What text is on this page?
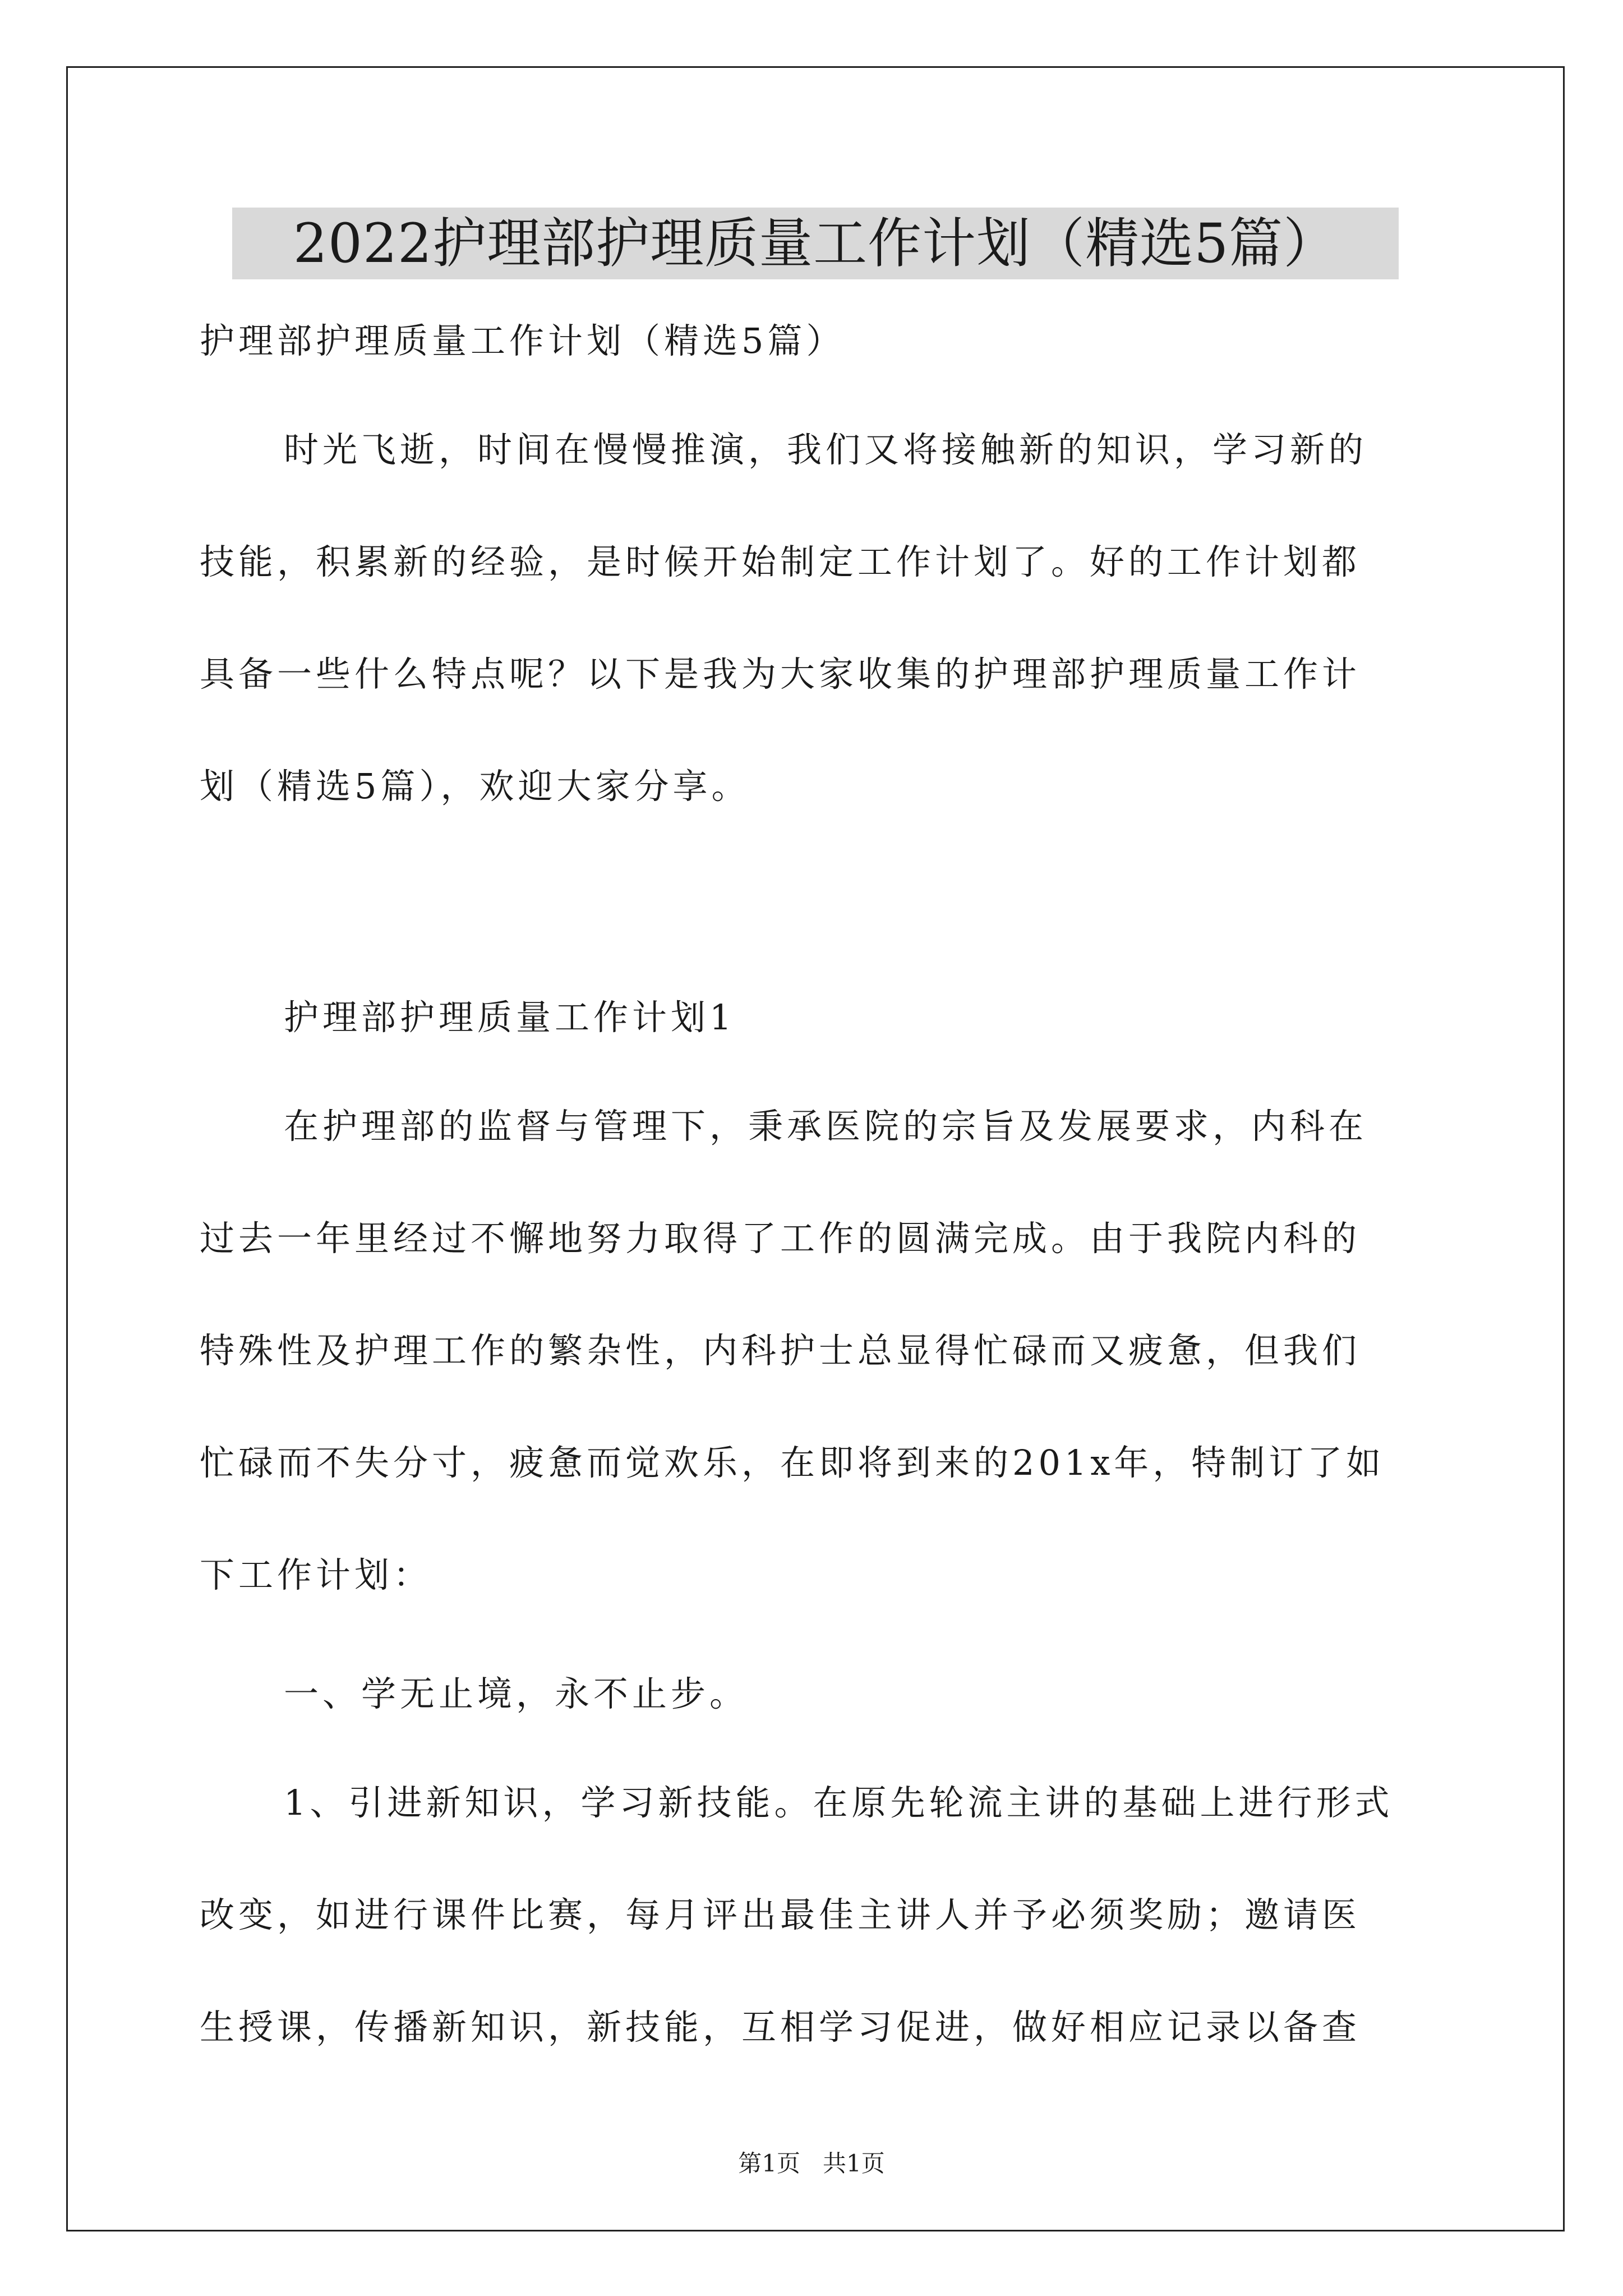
2022护理部护理质量工作计划（精选5篇）
护理部护理质量工作计划（精选5篇）
时光飞逝，时间在慢慢推演，我们又将接触新的知识，学习新的
技能，积累新的经验，是时候开始制定工作计划了。好的工作计划都
具备一些什么特点呢？以下是我为大家收集的护理部护理质量工作计
划（精选5篇），欢迎大家分享。
护理部护理质量工作计划1
在护理部的监督与管理下，秉承医院的宗旨及发展要求，内科在
过去一年里经过不懈地努力取得了工作的圆满完成。由于我院内科的
特殊性及护理工作的繁杂性，内科护士总显得忙碌而又疲惫，但我们
忙碌而不失分寸，疲惫而觉欢乐，在即将到来的201x年，特制订了如
下工作计划：
一、学无止境，永不止步。
1、引进新知识，学习新技能。在原先轮流主讲的基础上进行形式
改变，如进行课件比赛，每月评出最佳主讲人并予必须奖励；邀请医
生授课，传播新知识，新技能，互相学习促进，做好相应记录以备查
第1页   共1页
